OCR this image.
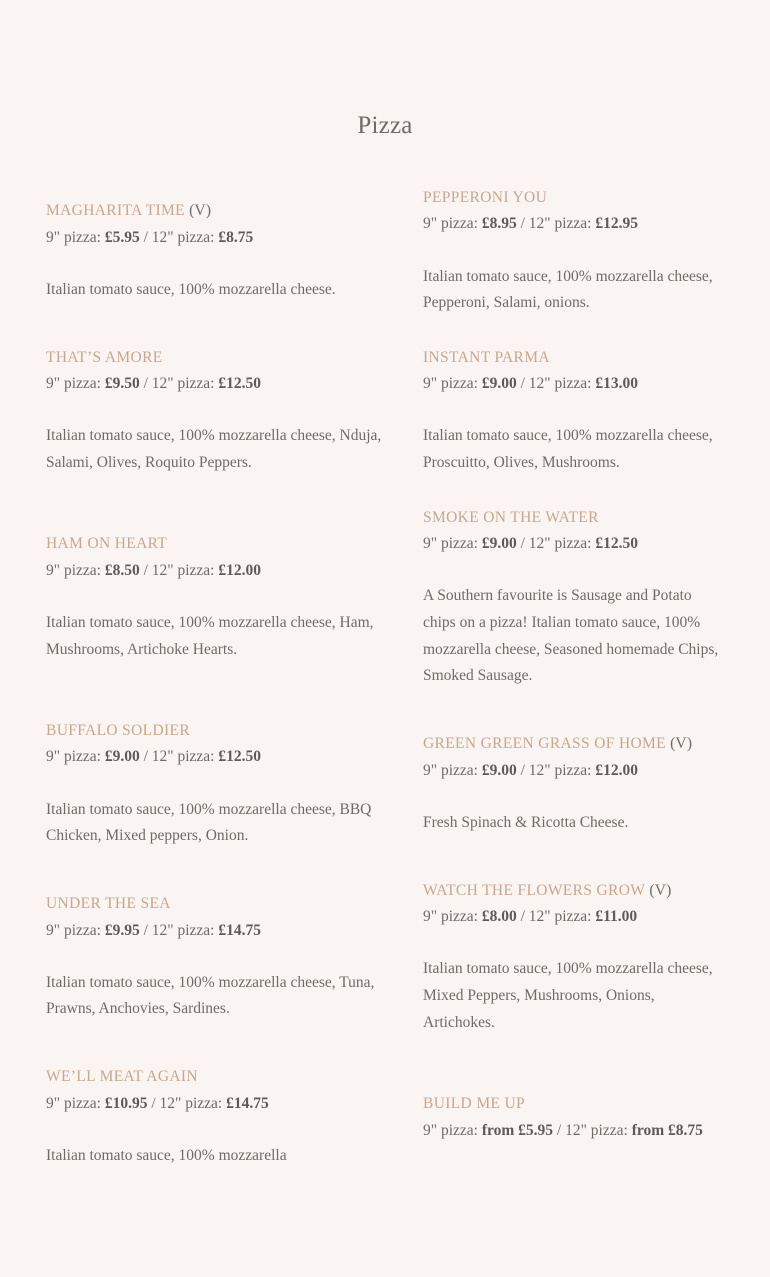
Pizza
MAGHARITA TIME (V)

9" pizza: £5.95 / 12" pizza: £8.75

Italian tomato sauce, 100% mozzarella cheese.

PEPPERONI YOU

9" pizza: £8.95 / 12" pizza: £12.95

Italian tomato sauce, 100% mozzarella cheese, Pepperoni, Salami, onions.

THAT’S AMORE

9" pizza: £9.50 / 12" pizza: £12.50

Italian tomato sauce, 100% mozzarella cheese, Nduja, Salami, Olives, Roquito Peppers.

INSTANT PARMA

9" pizza: £9.00 / 12" pizza: £13.00

Italian tomato sauce, 100% mozzarella cheese, Proscuitto, Olives, Mushrooms.

HAM ON HEART

9" pizza: £8.50 / 12" pizza: £12.00

Italian tomato sauce, 100% mozzarella cheese, Ham, Mushrooms, Artichoke Hearts.

SMOKE ON THE WATER

9" pizza: £9.00 / 12" pizza: £12.50

A Southern favourite is Sausage and Potato chips on a pizza! Italian tomato sauce, 100% mozzarella cheese, Seasoned homemade Chips, Smoked Sausage.

BUFFALO SOLDIER

9" pizza: £9.00 / 12" pizza: £12.50

Italian tomato sauce, 100% mozzarella cheese, BBQ Chicken, Mixed peppers, Onion.

GREEN GREEN GRASS OF HOME (V)

9" pizza: £9.00 / 12" pizza: £12.00

Fresh Spinach & Ricotta Cheese.

UNDER THE SEA

9" pizza: £9.95 / 12" pizza: £14.75

Italian tomato sauce, 100% mozzarella cheese, Tuna, Prawns, Anchovies, Sardines.

WATCH THE FLOWERS GROW (V)

9" pizza: £8.00 / 12" pizza: £11.00

Italian tomato sauce, 100% mozzarella cheese, Mixed Peppers, Mushrooms, Onions, Artichokes.

WE’LL MEAT AGAIN

9" pizza: £10.95 / 12" pizza: £14.75

Italian tomato sauce, 100% mozzarella

BUILD ME UP

9" pizza: from £5.95 / 12" pizza: from £8.75
